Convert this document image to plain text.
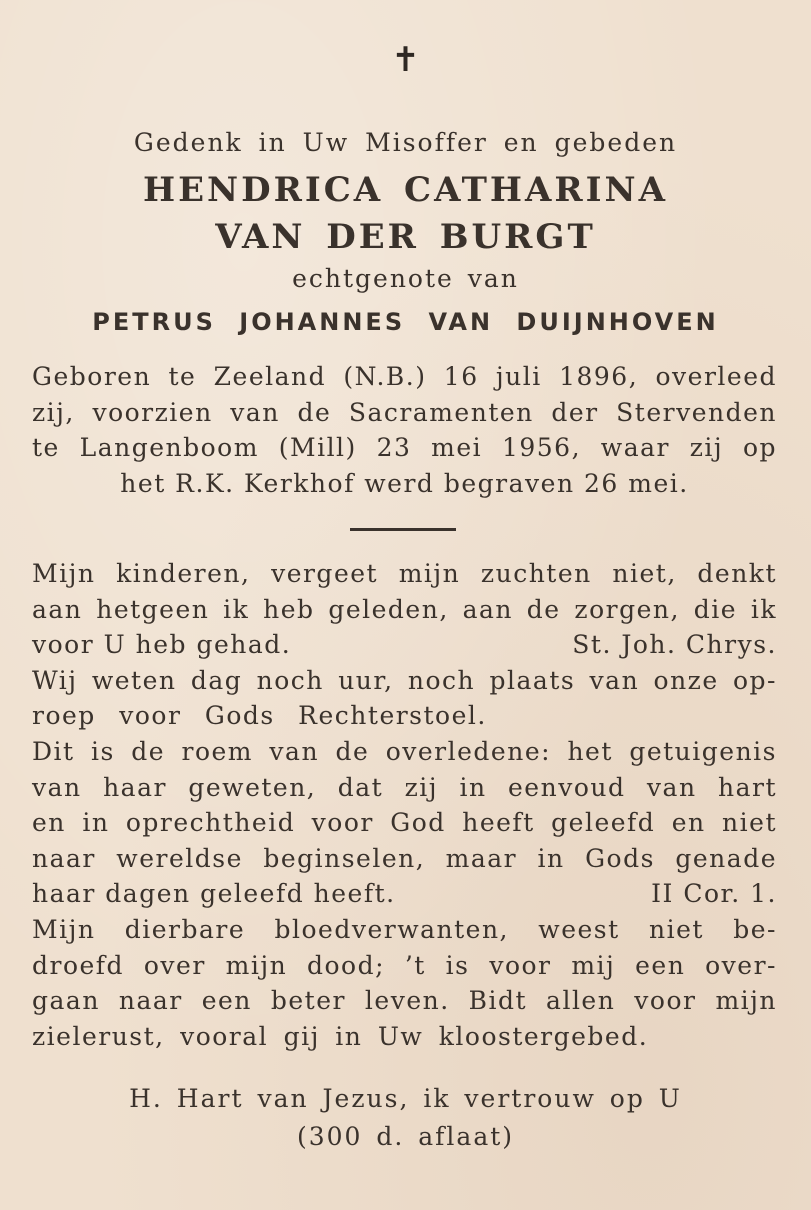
✝
Gedenk in Uw Misoffer en gebeden
HENDRICA CATHARINA
VAN DER BURGT
echtgenote van
PETRUS JOHANNES VAN DUIJNHOVEN
Geboren te Zeeland (N.B.) 16 juli 1896, overleed
zij, voorzien van de Sacramenten der Stervenden
te Langenboom (Mill) 23 mei 1956, waar zij op
het R.K. Kerkhof werd begraven 26 mei.
Mijn kinderen, vergeet mijn zuchten niet, denkt
aan hetgeen ik heb geleden, aan de zorgen, die ik
voor U heb gehad.	St. Joh. Chrys.
Wij weten dag noch uur, noch plaats van onze op-
roep voor Gods Rechterstoel.
Dit is de roem van de overledene: het getuigenis
van haar geweten, dat zij in eenvoud van hart
en in oprechtheid voor God heeft geleefd en niet
naar wereldse beginselen, maar in Gods genade
haar dagen geleefd heeft.	II Cor. 1.
Mijn dierbare bloedverwanten, weest niet be-
droefd over mijn dood; ’t is voor mij een over-
gaan naar een beter leven. Bidt allen voor mijn
zielerust, vooral gij in Uw kloostergebed.
H. Hart van Jezus, ik vertrouw op U
(300 d. aflaat)
